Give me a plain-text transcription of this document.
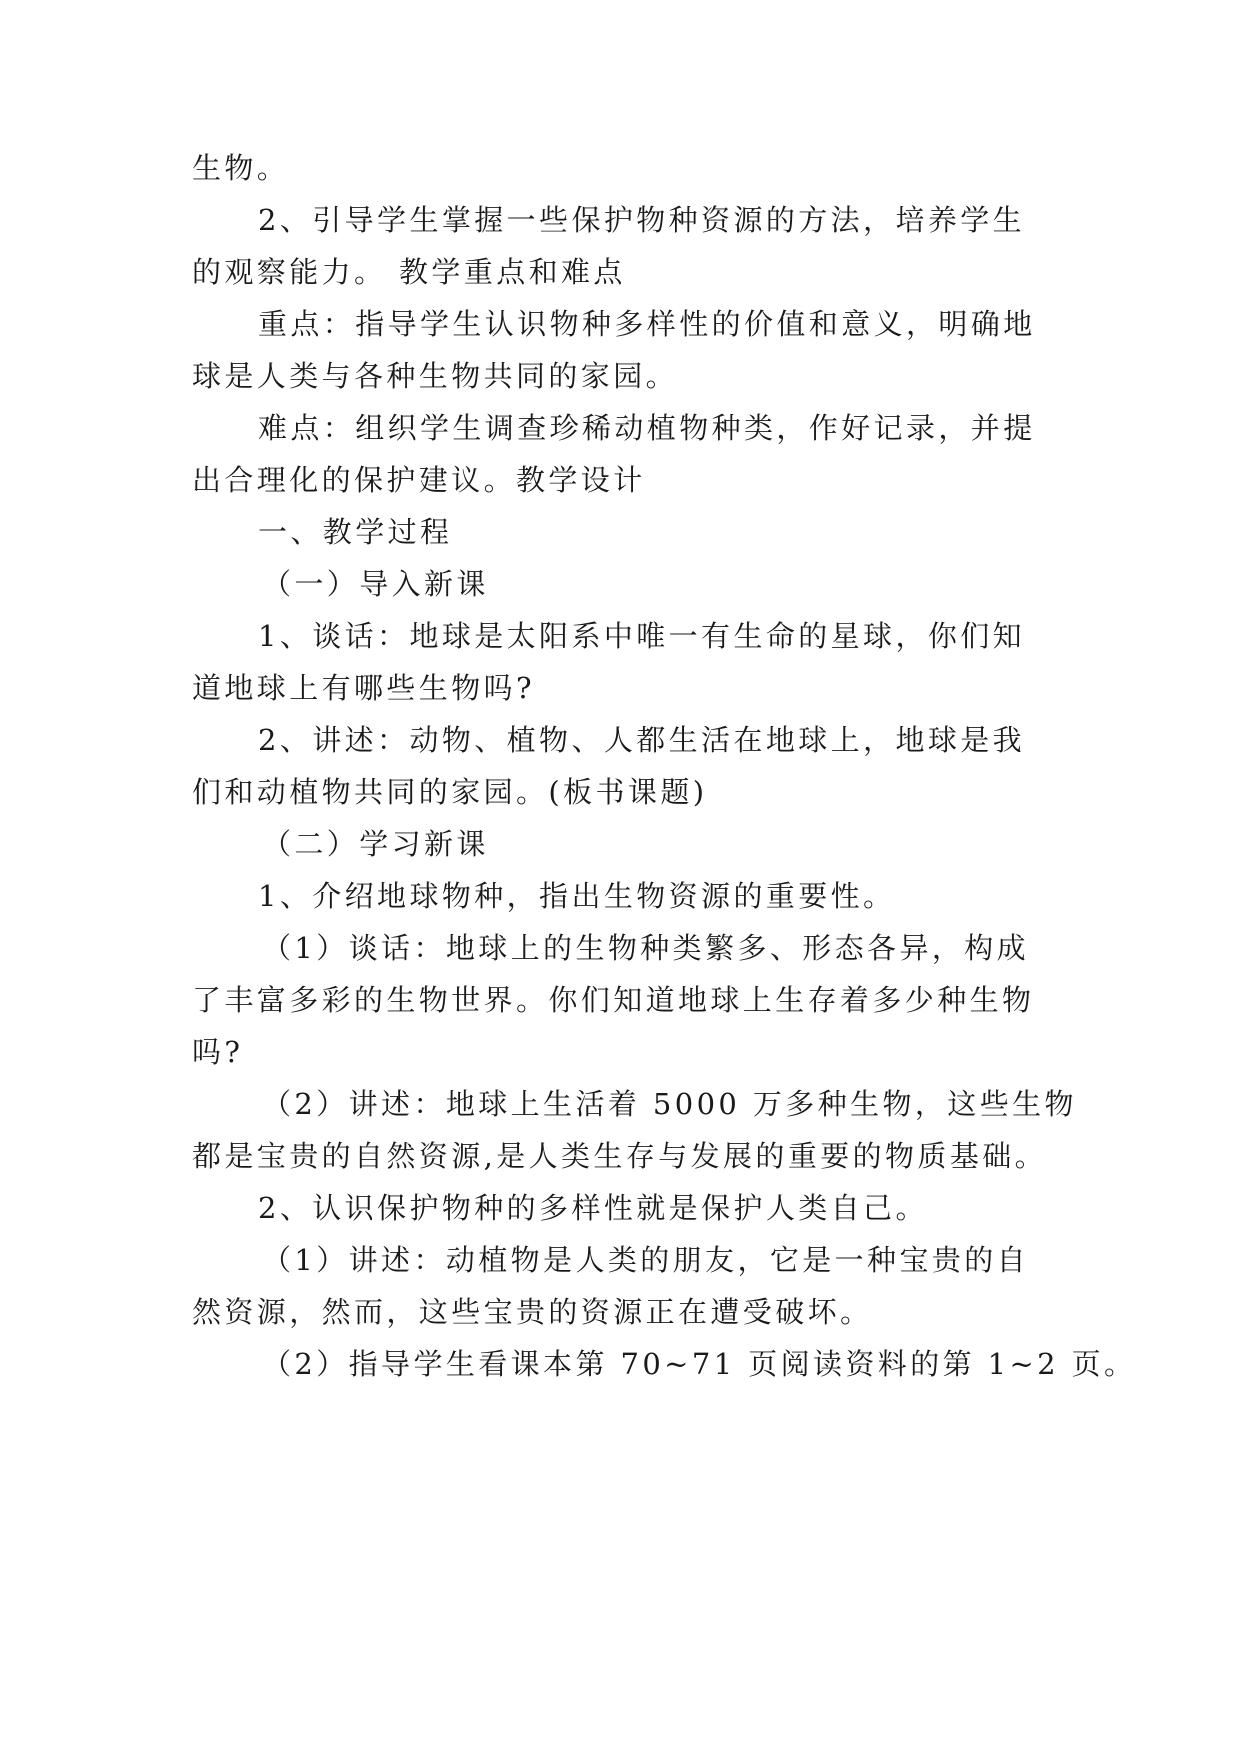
生物。
2、引导学生掌握一些保护物种资源的方法，培养学生
的观察能力。 教学重点和难点
重点：指导学生认识物种多样性的价值和意义，明确地
球是人类与各种生物共同的家园。
难点：组织学生调查珍稀动植物种类，作好记录，并提
出合理化的保护建议。教学设计
一、教学过程
（一）导入新课
1、谈话：地球是太阳系中唯一有生命的星球，你们知
道地球上有哪些生物吗?
2、讲述：动物、植物、人都生活在地球上，地球是我
们和动植物共同的家园。(板书课题)
（二）学习新课
1、介绍地球物种，指出生物资源的重要性。
（1）谈话：地球上的生物种类繁多、形态各异，构成
了丰富多彩的生物世界。你们知道地球上生存着多少种生物
吗?
（2）讲述：地球上生活着 5000 万多种生物，这些生物
都是宝贵的自然资源,是人类生存与发展的重要的物质基础。
2、认识保护物种的多样性就是保护人类自己。
（1）讲述：动植物是人类的朋友，它是一种宝贵的自
然资源，然而，这些宝贵的资源正在遭受破坏。
（2）指导学生看课本第 70~71 页阅读资料的第 1~2 页。
